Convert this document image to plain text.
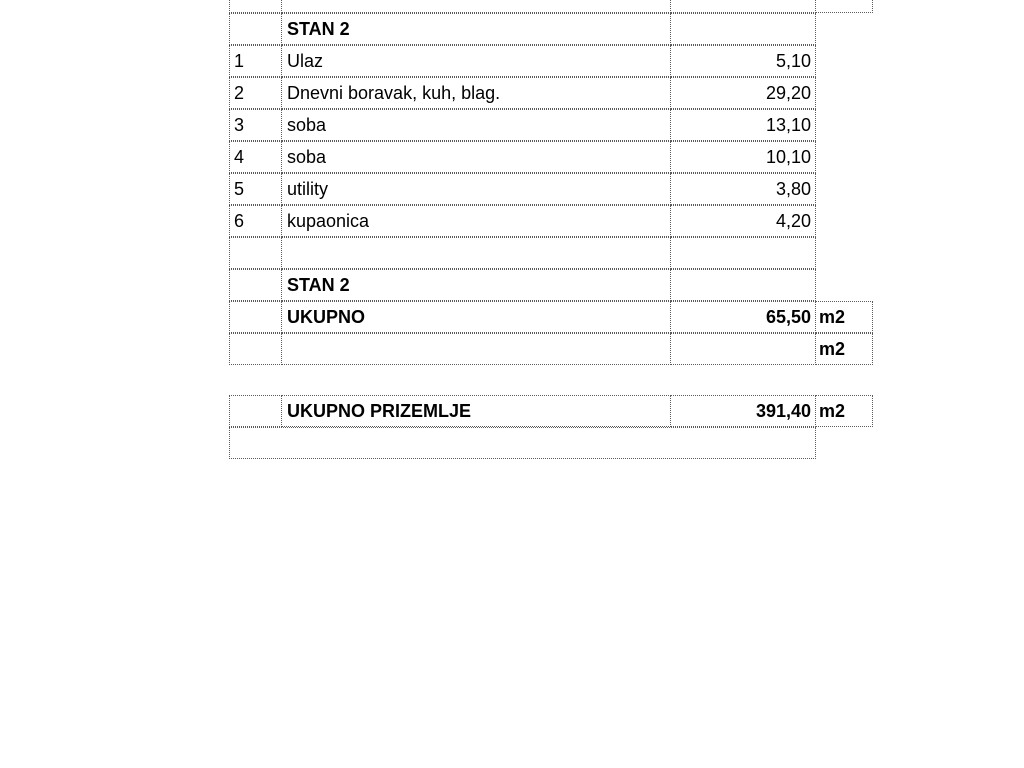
STAN 2
1	Ulaz	5,10
2	Dnevni boravak, kuh, blag.	29,20
3	soba	13,10
4	soba	10,10
5	utility	3,80
6	kupaonica	4,20
STAN 2
UKUPNO	65,50 m2
m2
UKUPNO PRIZEMLJE	391,40 m2
